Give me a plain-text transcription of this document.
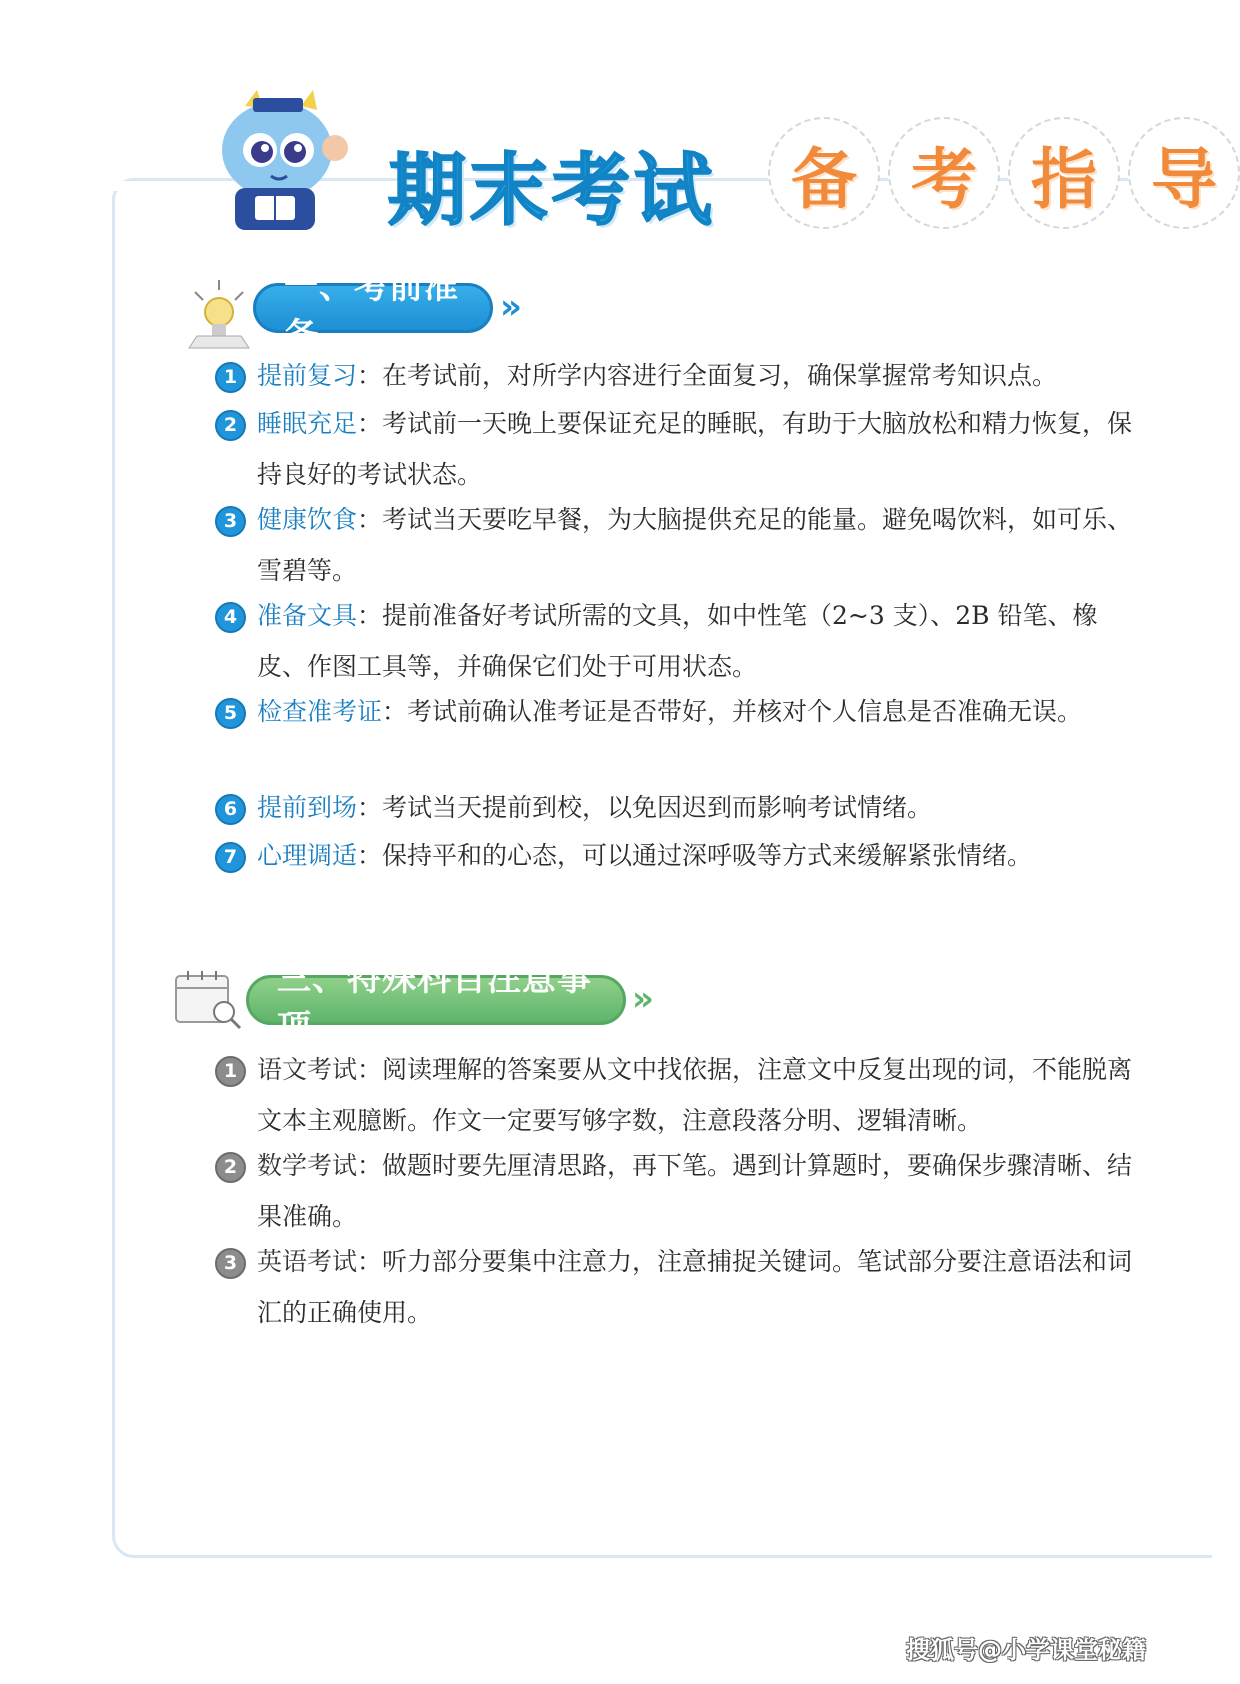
期末考试	备 考 指 导
一、考前准备
»
1 提前复习：在考试前，对所学内容进行全面复习，确保掌握常考知识点。
2 睡眠充足：考试前一天晚上要保证充足的睡眠，有助于大脑放松和精力恢复，保持良好的考试状态。
3 健康饮食：考试当天要吃早餐，为大脑提供充足的能量。避免喝饮料，如可乐、雪碧等。
4 准备文具：提前准备好考试所需的文具，如中性笔（2~3 支）、2B 铅笔、橡皮、作图工具等，并确保它们处于可用状态。
5 检查准考证：考试前确认准考证是否带好，并核对个人信息是否准确无误。
6 提前到场：考试当天提前到校，以免因迟到而影响考试情绪。
7 心理调适：保持平和的心态，可以通过深呼吸等方式来缓解紧张情绪。
三、特殊科目注意事项
»
1 语文考试：阅读理解的答案要从文中找依据，注意文中反复出现的词，不能脱离文本主观臆断。作文一定要写够字数，注意段落分明、逻辑清晰。
2 数学考试：做题时要先厘清思路，再下笔。遇到计算题时，要确保步骤清晰、结果准确。
3 英语考试：听力部分要集中注意力，注意捕捉关键词。笔试部分要注意语法和词汇的正确使用。
搜狐号@小学课堂秘籍
